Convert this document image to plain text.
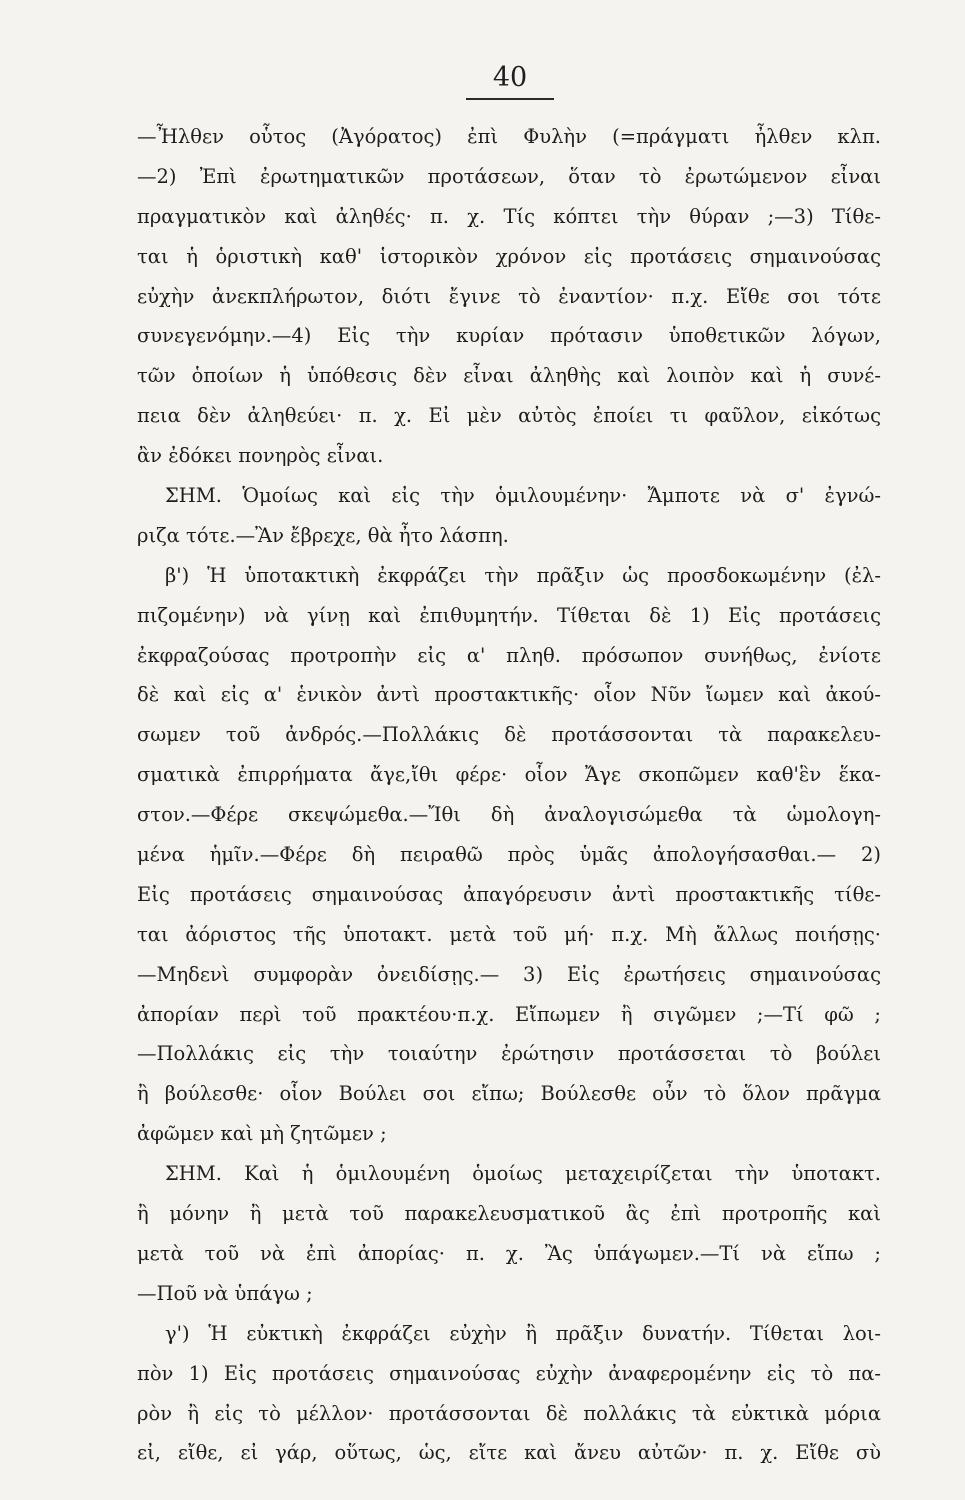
40
—Ἦλθεν οὗτος (Ἀγόρατος) ἐπὶ Φυλὴν (=πράγματι ἦλθεν κλπ.
—2) Ἐπὶ ἐρωτηματικῶν προτάσεων, ὅταν τὸ ἐρωτώμενον εἶναι
πραγματικὸν καὶ ἀληθές· π. χ. Τίς κόπτει τὴν θύραν ;—3) Τίθε-
ται ἡ ὁριστικὴ καθ' ἱστορικὸν χρόνον εἰς προτάσεις σημαινούσας
εὐχὴν ἀνεκπλήρωτον, διότι ἔγινε τὸ ἐναντίον· π.χ. Εἴθε σοι τότε
συνεγενόμην.—4) Εἰς τὴν κυρίαν πρότασιν ὑποθετικῶν λόγων,
τῶν ὁποίων ἡ ὑπόθεσις δὲν εἶναι ἀληθὴς καὶ λοιπὸν καὶ ἡ συνέ-
πεια δὲν ἀληθεύει· π. χ. Εἰ μὲν αὐτὸς ἐποίει τι φαῦλον, εἰκότως
ἂν ἐδόκει πονηρὸς εἶναι.
ΣΗΜ. Ὁμοίως καὶ εἰς τὴν ὁμιλουμένην· Ἄμποτε νὰ σ' ἐγνώ-
ριζα τότε.—Ἂν ἔβρεχε, θὰ ἦτο λάσπη.
β') Ἡ ὑποτακτικὴ ἐκφράζει τὴν πρᾶξιν ὡς προσδοκωμένην (ἐλ-
πιζομένην) νὰ γίνῃ καὶ ἐπιθυμητήν. Τίθεται δὲ 1) Εἰς προτάσεις
ἐκφραζούσας προτροπὴν εἰς α' πληθ. πρόσωπον συνήθως, ἐνίοτε
δὲ καὶ εἰς α' ἑνικὸν ἀντὶ προστακτικῆς· οἷον Νῦν ἴωμεν καὶ ἀκού-
σωμεν τοῦ ἀνδρός.—Πολλάκις δὲ προτάσσονται τὰ παρακελευ-
σματικὰ ἐπιρρήματα ἄγε,ἴθι φέρε· οἷον Ἄγε σκοπῶμεν καθ'ἓν ἕκα-
στον.—Φέρε σκεψώμεθα.—Ἴθι δὴ ἀναλογισώμεθα τὰ ὡμολογη-
μένα ἡμῖν.—Φέρε δὴ πειραθῶ πρὸς ὑμᾶς ἀπολογήσασθαι.— 2)
Εἰς προτάσεις σημαινούσας ἀπαγόρευσιν ἀντὶ προστακτικῆς τίθε-
ται ἀόριστος τῆς ὑποτακτ. μετὰ τοῦ μή· π.χ. Μὴ ἄλλως ποιήσῃς·
—Μηδενὶ συμφορὰν ὀνειδίσῃς.— 3) Εἰς ἐρωτήσεις σημαινούσας
ἀπορίαν περὶ τοῦ πρακτέου·π.χ. Εἴπωμεν ἢ σιγῶμεν ;—Τί φῶ ;
—Πολλάκις εἰς τὴν τοιαύτην ἐρώτησιν προτάσσεται τὸ βούλει
ἢ βούλεσθε· οἷον Βούλει σοι εἴπω; Βούλεσθε οὖν τὸ ὅλον πρᾶγμα
ἀφῶμεν καὶ μὴ ζητῶμεν ;
ΣΗΜ. Καὶ ἡ ὁμιλουμένη ὁμοίως μεταχειρίζεται τὴν ὑποτακτ.
ἢ μόνην ἢ μετὰ τοῦ παρακελευσματικοῦ ἂς ἐπὶ προτροπῆς καὶ
μετὰ τοῦ νὰ ἐπὶ ἀπορίας· π. χ. Ἂς ὑπάγωμεν.—Τί νὰ εἴπω ;
—Ποῦ νὰ ὑπάγω ;
γ') Ἡ εὐκτικὴ ἐκφράζει εὐχὴν ἢ πρᾶξιν δυνατήν. Τίθεται λοι-
πὸν 1) Εἰς προτάσεις σημαινούσας εὐχὴν ἀναφερομένην εἰς τὸ πα-
ρὸν ἢ εἰς τὸ μέλλον· προτάσσονται δὲ πολλάκις τὰ εὐκτικὰ μόρια
εἰ, εἴθε, εἰ γάρ, οὕτως, ὡς, εἴτε καὶ ἄνευ αὐτῶν· π. χ. Εἴθε σὺ
